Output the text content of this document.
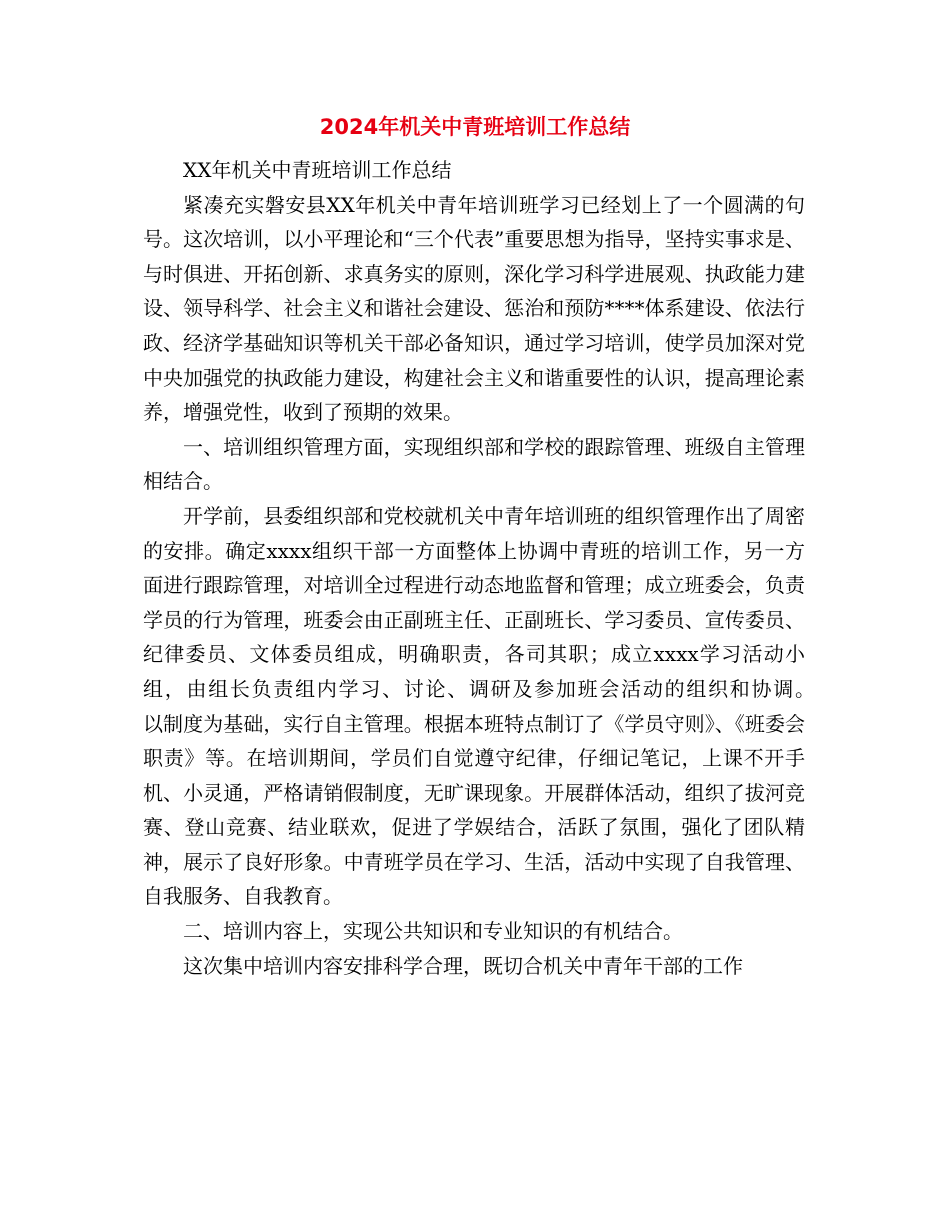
2024年机关中青班培训工作总结

XX年机关中青班培训工作总结

紧凑充实磐安县XX年机关中青年培训班学习已经划上了一个圆满的句号。这次培训，以小平理论和“三个代表”重要思想为指导，坚持实事求是、与时俱进、开拓创新、求真务实的原则，深化学习科学进展观、执政能力建设、领导科学、社会主义和谐社会建设、惩治和预防****体系建设、依法行政、经济学基础知识等机关干部必备知识，通过学习培训，使学员加深对党中央加强党的执政能力建设，构建社会主义和谐重要性的认识，提高理论素养，增强党性，收到了预期的效果。

一、培训组织管理方面，实现组织部和学校的跟踪管理、班级自主管理相结合。

开学前，县委组织部和党校就机关中青年培训班的组织管理作出了周密的安排。确定xxxx组织干部一方面整体上协调中青班的培训工作，另一方面进行跟踪管理，对培训全过程进行动态地监督和管理；成立班委会，负责学员的行为管理，班委会由正副班主任、正副班长、学习委员、宣传委员、纪律委员、文体委员组成，明确职责，各司其职；成立xxxx学习活动小组，由组长负责组内学习、讨论、调研及参加班会活动的组织和协调。　　以制度为基础，实行自主管理。根据本班特点制订了《学员守则》、《班委会职责》等。在培训期间，学员们自觉遵守纪律，仔细记笔记，上课不开手机、小灵通，严格请销假制度，无旷课现象。开展群体活动，组织了拔河竞赛、登山竞赛、结业联欢，促进了学娱结合，活跃了氛围，强化了团队精神，展示了良好形象。中青班学员在学习、生活，活动中实现了自我管理、自我服务、自我教育。

二、培训内容上，实现公共知识和专业知识的有机结合。

这次集中培训内容安排科学合理，既切合机关中青年干部的工作
